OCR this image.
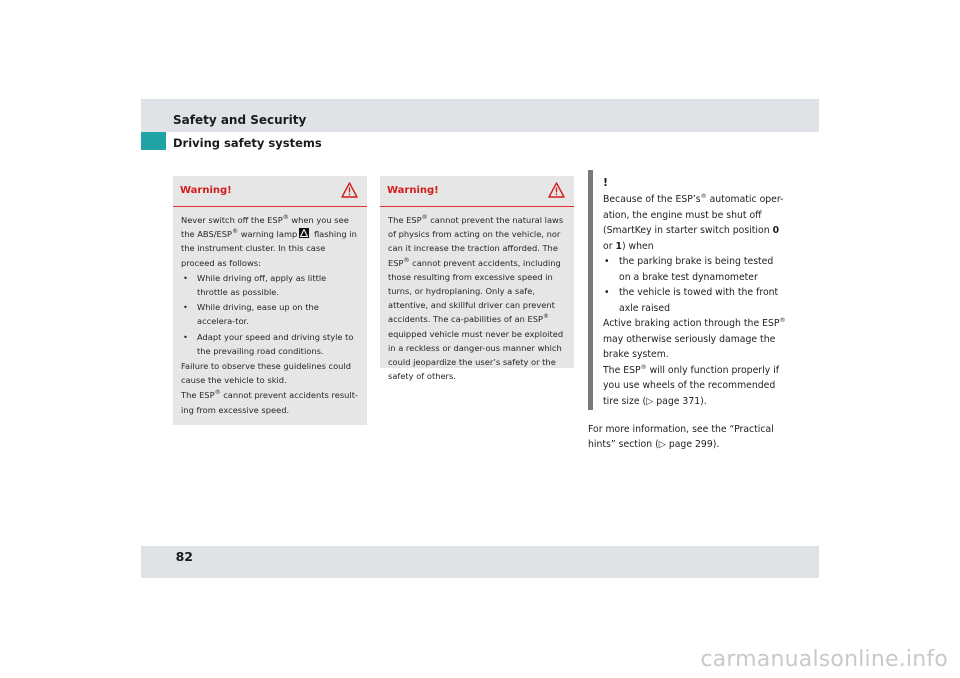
Safety and Security
Driving safety systems
Warning!

Never switch off the ESP® when you see the ABS/ESP® warning lamp
flashing in the instrument cluster. In this case proceed as follows:

• While driving off, apply as little throttle as possible.
• While driving, ease up on the accelera-tor.
• Adapt your speed and driving style to the prevailing road conditions.

Failure to observe these guidelines could cause the vehicle to skid.

The ESP® cannot prevent accidents result-ing from excessive speed.

Warning!

The ESP® cannot prevent the natural laws of physics from acting on the vehicle, nor can it increase the traction afforded. The ESP® cannot prevent accidents, including those resulting from excessive speed in turns, or hydroplaning. Only a safe, attentive, and skillful driver can prevent accidents. The ca-pabilities of an ESP® equipped vehicle must never be exploited in a reckless or danger-ous manner which could jeopardize the user’s safety or the safety of others.

!

Because of the ESP’s® automatic oper-ation, the engine must be shut off (SmartKey in starter switch position 0 or 1) when

• the parking brake is being tested on a brake test dynamometer
• the vehicle is towed with the front axle raised

Active braking action through the ESP® may otherwise seriously damage the brake system.

The ESP® will only function properly if you use wheels of the recommended tire size (▷ page 371).

For more information, see the “Practical hints” section (▷ page 299).
82
carmanualsonline.info
